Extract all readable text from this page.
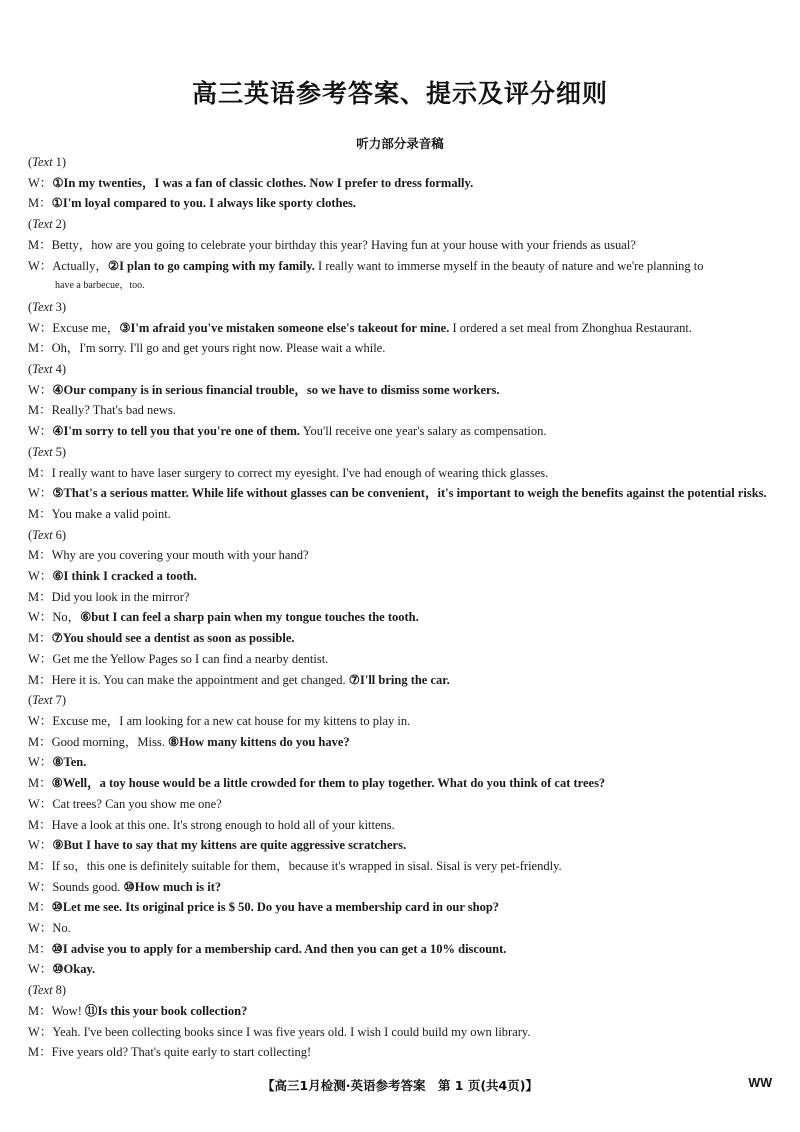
高三英语参考答案、提示及评分细则
听力部分录音稿
(Text 1)
W：①In my twenties，I was a fan of classic clothes. Now I prefer to dress formally.
M：①I'm loyal compared to you. I always like sporty clothes.
(Text 2)
M：Betty，how are you going to celebrate your birthday this year? Having fun at your house with your friends as usual?
W：Actually，②I plan to go camping with my family. I really want to immerse myself in the beauty of nature and we're planning to
have a barbecue，too.
(Text 3)
W：Excuse me，③I'm afraid you've mistaken someone else's takeout for mine. I ordered a set meal from Zhonghua Restaurant.
M：Oh，I'm sorry. I'll go and get yours right now. Please wait a while.
(Text 4)
W：④Our company is in serious financial trouble，so we have to dismiss some workers.
M：Really? That's bad news.
W：④I'm sorry to tell you that you're one of them. You'll receive one year's salary as compensation.
(Text 5)
M：I really want to have laser surgery to correct my eyesight. I've had enough of wearing thick glasses.
W：⑤That's a serious matter. While life without glasses can be convenient，it's important to weigh the benefits against the potential risks.
M：You make a valid point.
(Text 6)
M：Why are you covering your mouth with your hand?
W：⑥I think I cracked a tooth.
M：Did you look in the mirror?
W：No，⑥but I can feel a sharp pain when my tongue touches the tooth.
M：⑦You should see a dentist as soon as possible.
W：Get me the Yellow Pages so I can find a nearby dentist.
M：Here it is. You can make the appointment and get changed. ⑦I'll bring the car.
(Text 7)
W：Excuse me，I am looking for a new cat house for my kittens to play in.
M：Good morning，Miss. ⑧How many kittens do you have?
W：⑧Ten.
M：⑧Well，a toy house would be a little crowded for them to play together. What do you think of cat trees?
W：Cat trees? Can you show me one?
M：Have a look at this one. It's strong enough to hold all of your kittens.
W：⑨But I have to say that my kittens are quite aggressive scratchers.
M：If so，this one is definitely suitable for them，because it's wrapped in sisal. Sisal is very pet-friendly.
W：Sounds good. ⑩How much is it?
M：⑩Let me see. Its original price is $ 50. Do you have a membership card in our shop?
W：No.
M：⑩I advise you to apply for a membership card. And then you can get a 10% discount.
W：⑩Okay.
(Text 8)
M：Wow! ⑪Is this your book collection?
W：Yeah. I've been collecting books since I was five years old. I wish I could build my own library.
M：Five years old? That's quite early to start collecting!
【高三1月检测·英语参考答案　第 1 页(共4页)】	WW
